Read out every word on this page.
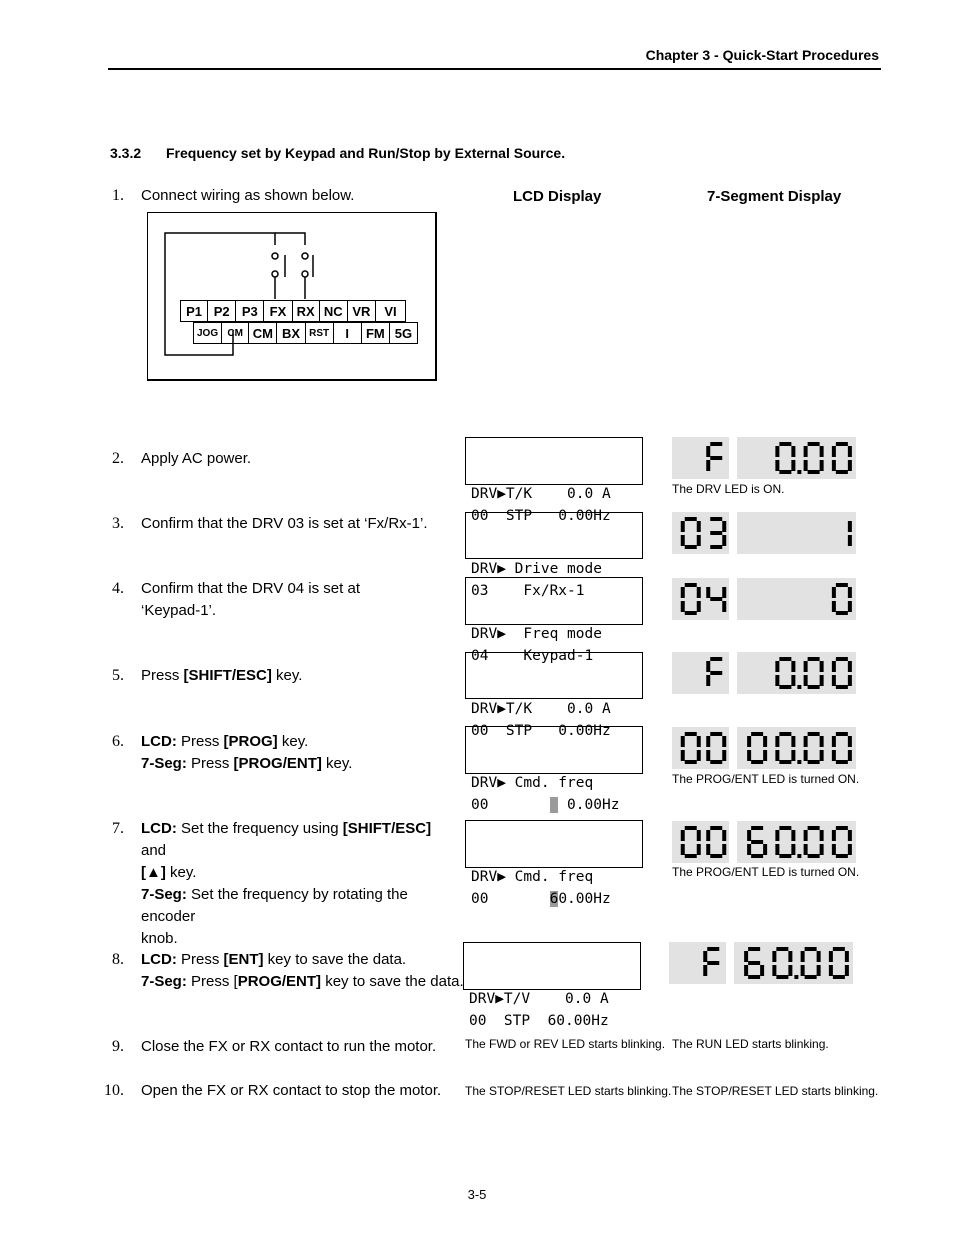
Chapter 3 - Quick-Start Procedures
3.3.2 Frequency set by Keypad and Run/Stop by External Source.
LCD Display	7-Segment Display
1. Connect wiring as shown below.
P1 P2 P3 FX RX NC VR	VI
JOG CM CM BX RST	I	FM 5G
2. Apply AC power.
3. Confirm that the DRV 03 is set at ‘Fx/Rx-1’.
4. Confirm that the DRV 04 is set at
‘Keypad-1’.
5. Press [SHIFT/ESC] key.
6. LCD: Press [PROG] key.
7-Seg: Press [PROG/ENT] key.
7. LCD: Set the frequency using [SHIFT/ESC] and
[▲] key.
7-Seg: Set the frequency by rotating the encoder
knob.
8. LCD: Press [ENT] key to save the data.
7-Seg: Press [PROG/ENT] key to save the data.
9. Close the FX or RX contact to run the motor.
10. Open the FX or RX contact to stop the motor.

DRV▶T/K    0.0 A
00  STP   0.00Hz

DRV▶ Drive mode
03    Fx/Rx-1

DRV▶  Freq mode
04    Keypad-1

DRV▶T/K    0.0 A
00  STP   0.00Hz

DRV▶ Cmd. freq
00         0.00Hz

DRV▶ Cmd. freq
00       60.00Hz

DRV▶T/V    0.0 A
00  STP  60.00Hz

The DRV LED is ON.
The PROG/ENT LED is turned ON.
The PROG/ENT LED is turned ON.
The FWD or REV LED starts blinking. The RUN LED starts blinking.
The STOP/RESET LED starts blinking. The STOP/RESET LED starts blinking.
3-5
